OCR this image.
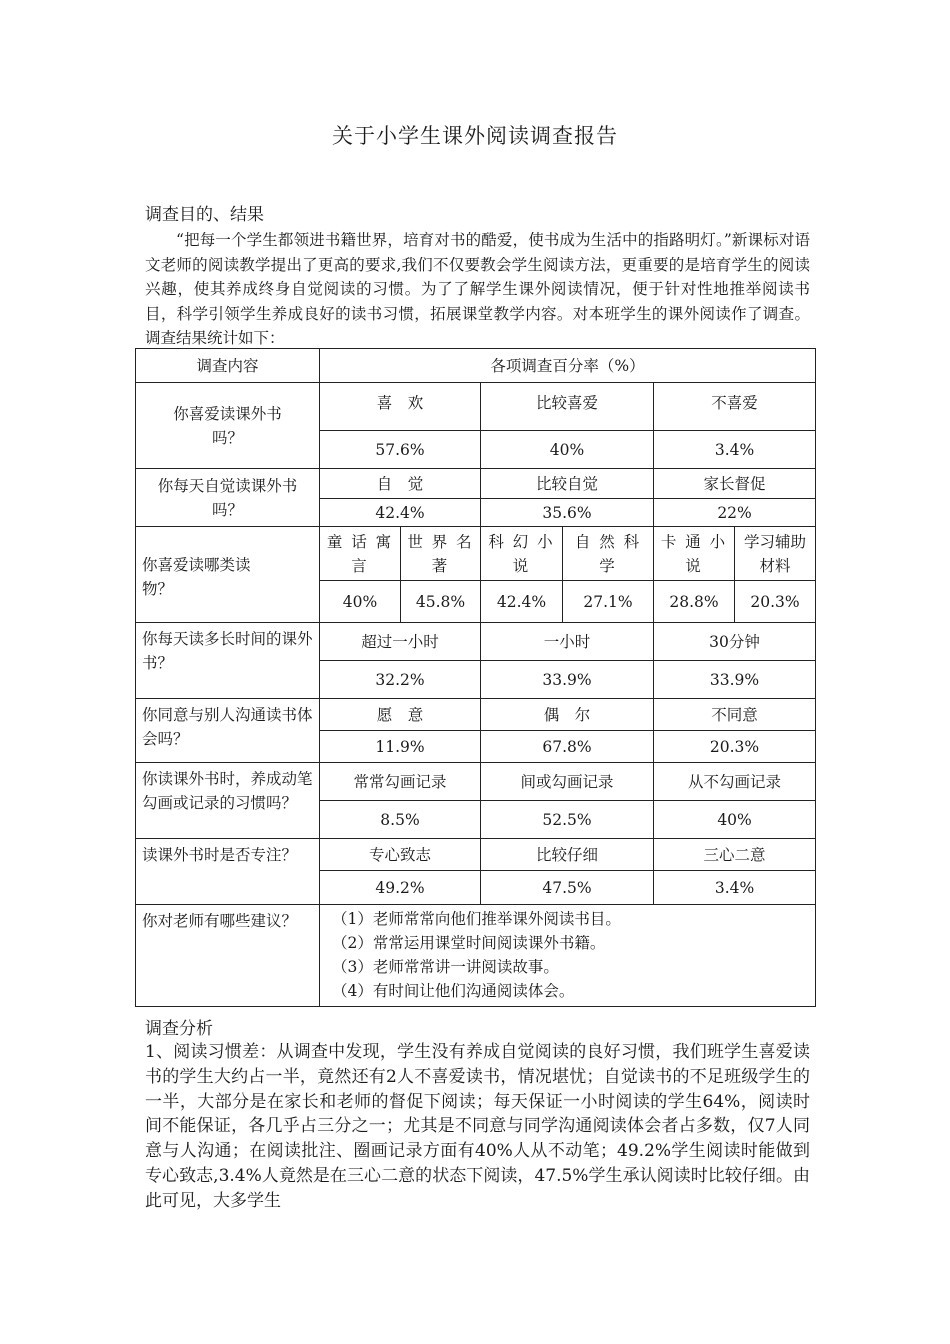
关于小学生课外阅读调查报告
调查目的、结果
“把每一个学生都领进书籍世界，培育对书的酷爱，使书成为生活中的指路明灯。”新课标对语文老师的阅读教学提出了更高的要求,我们不仅要教会学生阅读方法，更重要的是培育学生的阅读兴趣，使其养成终身自觉阅读的习惯。为了了解学生课外阅读情况，便于针对性地推举阅读书目，科学引领学生养成良好的读书习惯，拓展课堂教学内容。对本班学生的课外阅读作了调查。调查结果统计如下：
调查内容	各项调查百分率（%）					
你喜爱读课外书吗？	喜　欢		比较喜爱		不喜爱	
	57.6%		40%		3.4%	
你每天自觉读课外书吗？	自　觉		比较自觉		家长督促	
	42.4%		35.6%		22%	
你喜爱读哪类读物？	童 话 寓 言	世 界 名 著	科 幻 小 说	自 然 科 学	卡 通 小 说	学习辅助材料
	40%	45.8%	42.4%	27.1%	28.8%	20.3%
你每天读多长时间的课外书？	超过一小时		一小时		30分钟	
	32.2%		33.9%		33.9%	
你同意与别人沟通读书体会吗？	愿　意		偶　尔		不同意	
	11.9%		67.8%		20.3%	
你读课外书时，养成动笔勾画或记录的习惯吗？	常常勾画记录		间或勾画记录		从不勾画记录	
	8.5%		52.5%		40%	
读课外书时是否专注？	专心致志		比较仔细		三心二意	
	49.2%		47.5%		3.4%	
你对老师有哪些建议？	（1）老师常常向他们推举课外阅读书目。
（2）常常运用课堂时间阅读课外书籍。
（3）老师常常讲一讲阅读故事。
（4）有时间让他们沟通阅读体会。					
调查分析
1、阅读习惯差：从调查中发现，学生没有养成自觉阅读的良好习惯，我们班学生喜爱读书的学生大约占一半，竟然还有2人不喜爱读书，情况堪忧；自觉读书的不足班级学生的一半，大部分是在家长和老师的督促下阅读；每天保证一小时阅读的学生64%，阅读时间不能保证，各几乎占三分之一；尤其是不同意与同学沟通阅读体会者占多数，仅7人同意与人沟通；在阅读批注、圈画记录方面有40%人从不动笔；49.2%学生阅读时能做到专心致志,3.4%人竟然是在三心二意的状态下阅读，47.5%学生承认阅读时比较仔细。由此可见，大多学生
